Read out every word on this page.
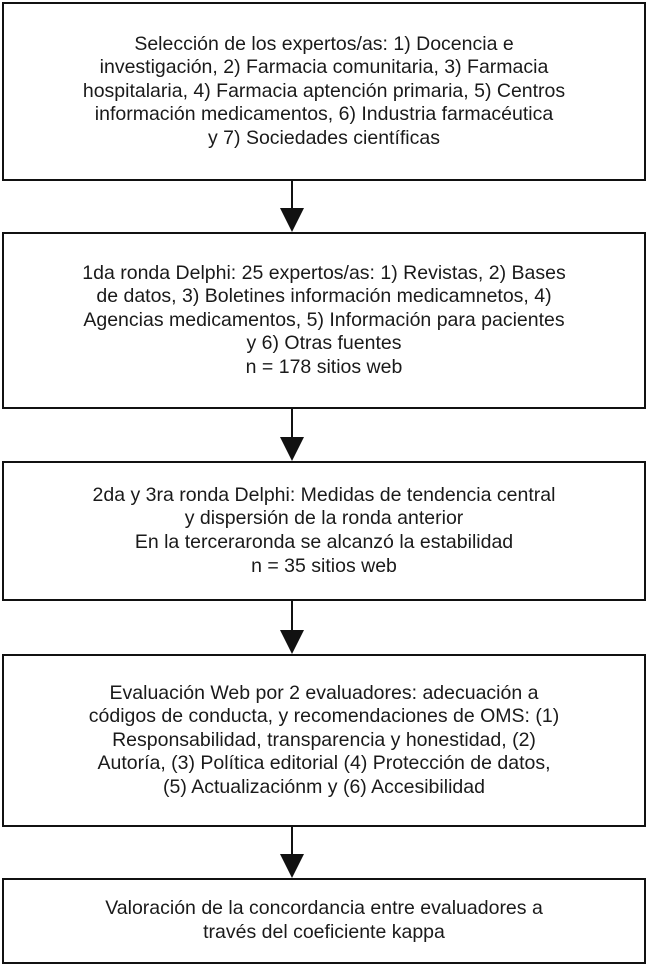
Selección de los expertos/as: 1) Docencia e
investigación, 2) Farmacia comunitaria, 3) Farmacia
hospitalaria, 4) Farmacia aptención primaria, 5) Centros
información medicamentos, 6) Industria farmacéutica
y 7) Sociedades científicas
1da ronda Delphi: 25 expertos/as: 1) Revistas, 2) Bases
de datos, 3) Boletines información medicamnetos, 4)
Agencias medicamentos, 5) Información para pacientes
y 6) Otras fuentes
n = 178 sitios web
2da y 3ra ronda Delphi: Medidas de tendencia central
y dispersión de la ronda anterior
En la terceraronda se alcanzó la estabilidad
n = 35 sitios web
Evaluación Web por 2 evaluadores: adecuación a
códigos de conducta, y recomendaciones de OMS: (1)
Responsabilidad, transparencia y honestidad, (2)
Autoría, (3) Política editorial (4) Protección de datos,
(5) Actualizaciónm y (6) Accesibilidad
Valoración de la concordancia entre evaluadores a
través del coeficiente kappa
